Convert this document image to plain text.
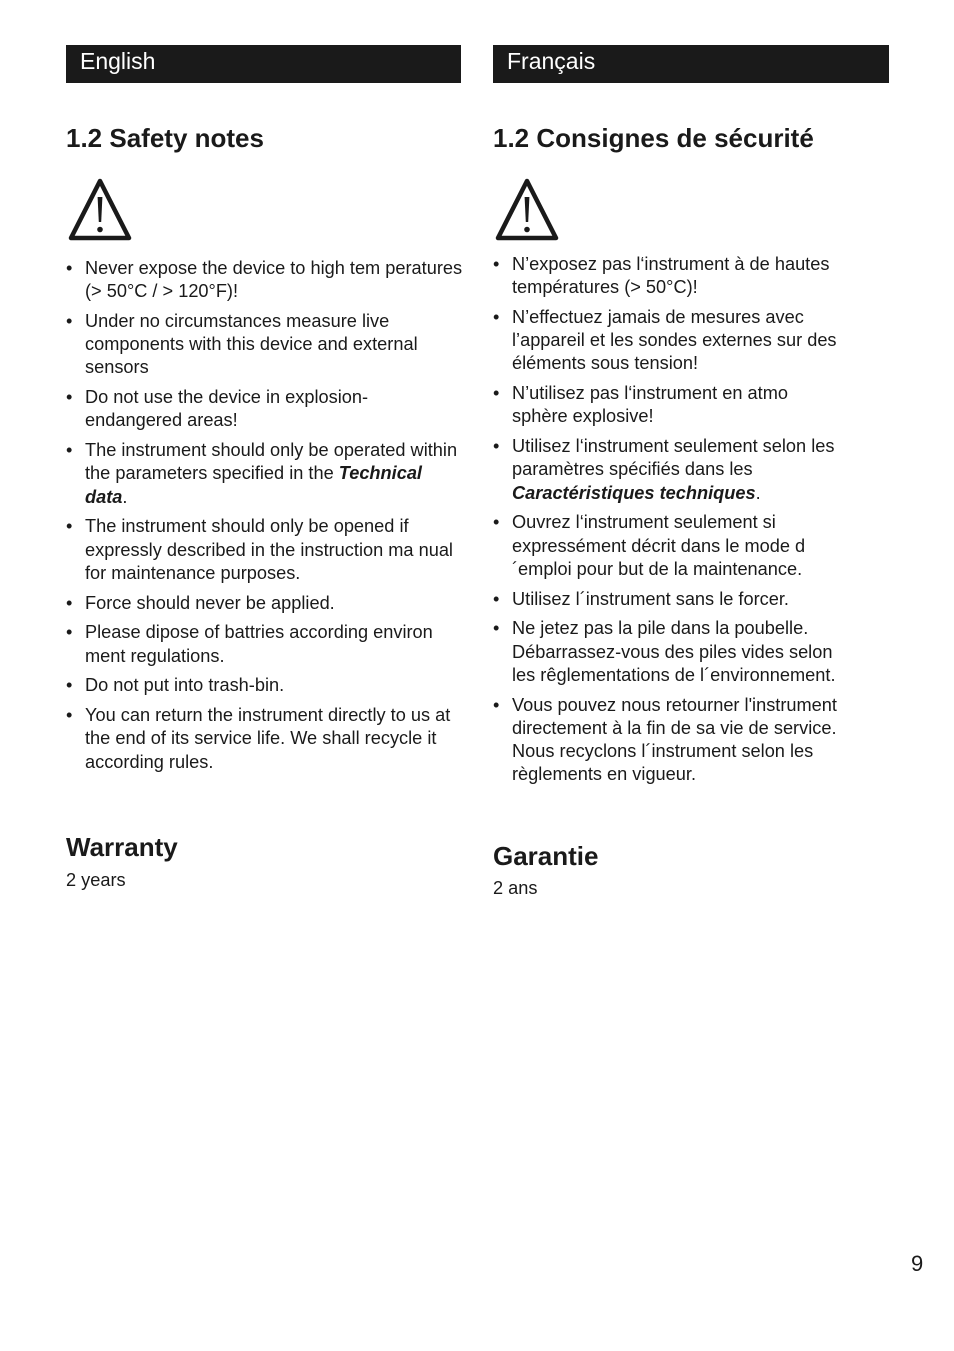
English
1.2 Safety notes
• Never expose the device to high tem peratures (> 50°C / > 120°F)!
• Under no circumstances measure live components with this device and external sensors
• Do not use the device in explosion- endangered areas!
• The instrument should only be operated within the parameters specified in the Technical data.
• The instrument should only be opened if expressly described in the instruction ma nual for maintenance purposes.
• Force should never be applied.
• Please dipose of battries according environ ment regulations.
• Do not put into trash-bin.
• You can return the instrument directly to us at the end of its service life. We shall recycle it according rules.
Warranty

2 years

Français
1.2 Consignes de sécurité
• N’exposez pas l‘instrument à de hautes températures (> 50°C)!
• N’effectuez jamais de mesures avec l’appareil et les sondes externes sur des éléments sous tension!
• N’utilisez pas l‘instrument en atmo sphère explosive!
• Utilisez l‘instrument seulement selon les paramètres spécifiés dans les Caractéristiques techniques.
• Ouvrez l‘instrument seulement si expressément décrit dans le mode d´emploi pour but de la maintenance.
• Utilisez l´instrument sans le forcer.
• Ne jetez pas la pile dans la poubelle. Débarrassez-vous des piles vides selon les rêglementations de l´environnement.
• Vous pouvez nous retourner l'instrument directement à la fin de sa vie de service. Nous recyclons l´instrument selon les règlements en vigueur.
Garantie

2 ans

9
